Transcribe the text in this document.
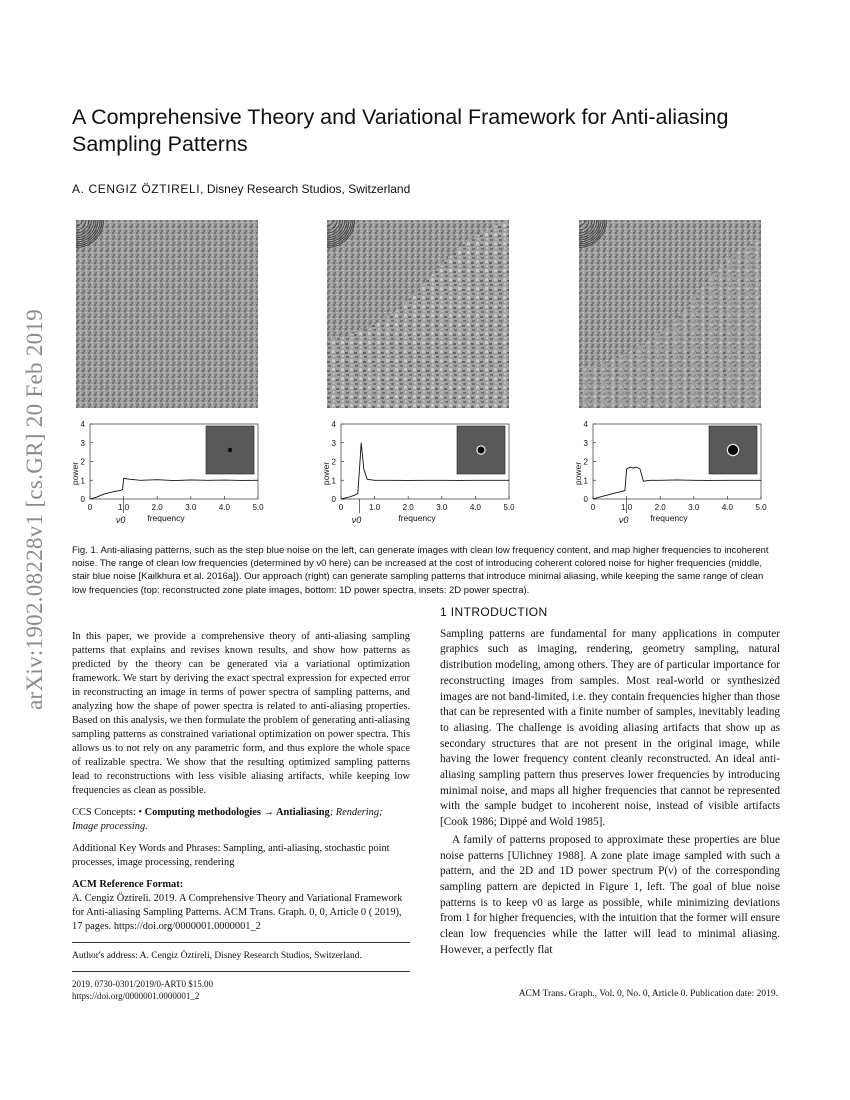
arXiv:1902.08228v1 [cs.GR] 20 Feb 2019
A Comprehensive Theory and Variational Framework for Anti-aliasing Sampling Patterns
A. CENGIZ ÖZTIRELI, Disney Research Studios, Switzerland
0
1
2
3
4
0	1.0	2.0	3.0	4.0	5.0
power
frequency
ν0
0
1
2
3
4
0	1.0	2.0	3.0	4.0	5.0
power
frequency
ν0
0
1
2
3
4
0	1.0	2.0	3.0	4.0	5.0
power
frequency
ν0
Fig. 1. Anti-aliasing patterns, such as the step blue noise on the left, can generate images with clean low frequency content, and map higher frequencies to incoherent noise. The range of clean low frequencies (determined by ν0 here) can be increased at the cost of introducing coherent colored noise for higher frequencies (middle, stair blue noise [Kailkhura et al. 2016a]). Our approach (right) can generate sampling patterns that introduce minimal aliasing, while keeping the same range of clean low frequencies (top: reconstructed zone plate images, bottom: 1D power spectra, insets: 2D power spectra).

In this paper, we provide a comprehensive theory of anti-aliasing sampling patterns that explains and revises known results, and show how patterns as predicted by the theory can be generated via a variational optimization framework. We start by deriving the exact spectral expression for expected error in reconstructing an image in terms of power spectra of sampling patterns, and analyzing how the shape of power spectra is related to anti-aliasing properties. Based on this analysis, we then formulate the problem of generating anti-aliasing sampling patterns as constrained variational optimization on power spectra. This allows us to not rely on any parametric form, and thus explore the whole space of realizable spectra. We show that the resulting optimized sampling patterns lead to reconstructions with less visible aliasing artifacts, while keeping low frequencies as clean as possible.

CCS Concepts: • Computing methodologies → Antialiasing; Rendering; Image processing.

Additional Key Words and Phrases: Sampling, anti-aliasing, stochastic point processes, image processing, rendering

ACM Reference Format:

A. Cengiz Öztireli. 2019. A Comprehensive Theory and Variational Framework for Anti-aliasing Sampling Patterns. ACM Trans. Graph. 0, 0, Article 0 ( 2019), 17 pages. https://doi.org/0000001.0000001_2

Author's address: A. Cengiz Öztireli, Disney Research Studios, Switzerland.

2019. 0730-0301/2019/0-ART0 $15.00
https://doi.org/0000001.0000001_2
1 INTRODUCTION

Sampling patterns are fundamental for many applications in computer graphics such as imaging, rendering, geometry sampling, natural distribution modeling, among others. They are of particular importance for reconstructing images from samples. Most real-world or synthesized images are not band-limited, i.e. they contain frequencies higher than those that can be represented with a finite number of samples, inevitably leading to aliasing. The challenge is avoiding aliasing artifacts that show up as secondary structures that are not present in the original image, while having the lower frequency content cleanly reconstructed. An ideal anti-aliasing sampling pattern thus preserves lower frequencies by introducing minimal noise, and maps all higher frequencies that cannot be represented with the sample budget to incoherent noise, instead of visible artifacts [Cook 1986; Dippé and Wold 1985].

A family of patterns proposed to approximate these properties are blue noise patterns [Ulichney 1988]. A zone plate image sampled with such a pattern, and the 2D and 1D power spectrum P(ν) of the corresponding sampling pattern are depicted in Figure 1, left. The goal of blue noise patterns is to keep ν0 as large as possible, while minimizing deviations from 1 for higher frequencies, with the intuition that the former will ensure clean low frequencies while the latter will lead to minimal aliasing. However, a perfectly flat

ACM Trans. Graph., Vol. 0, No. 0, Article 0. Publication date: 2019.
